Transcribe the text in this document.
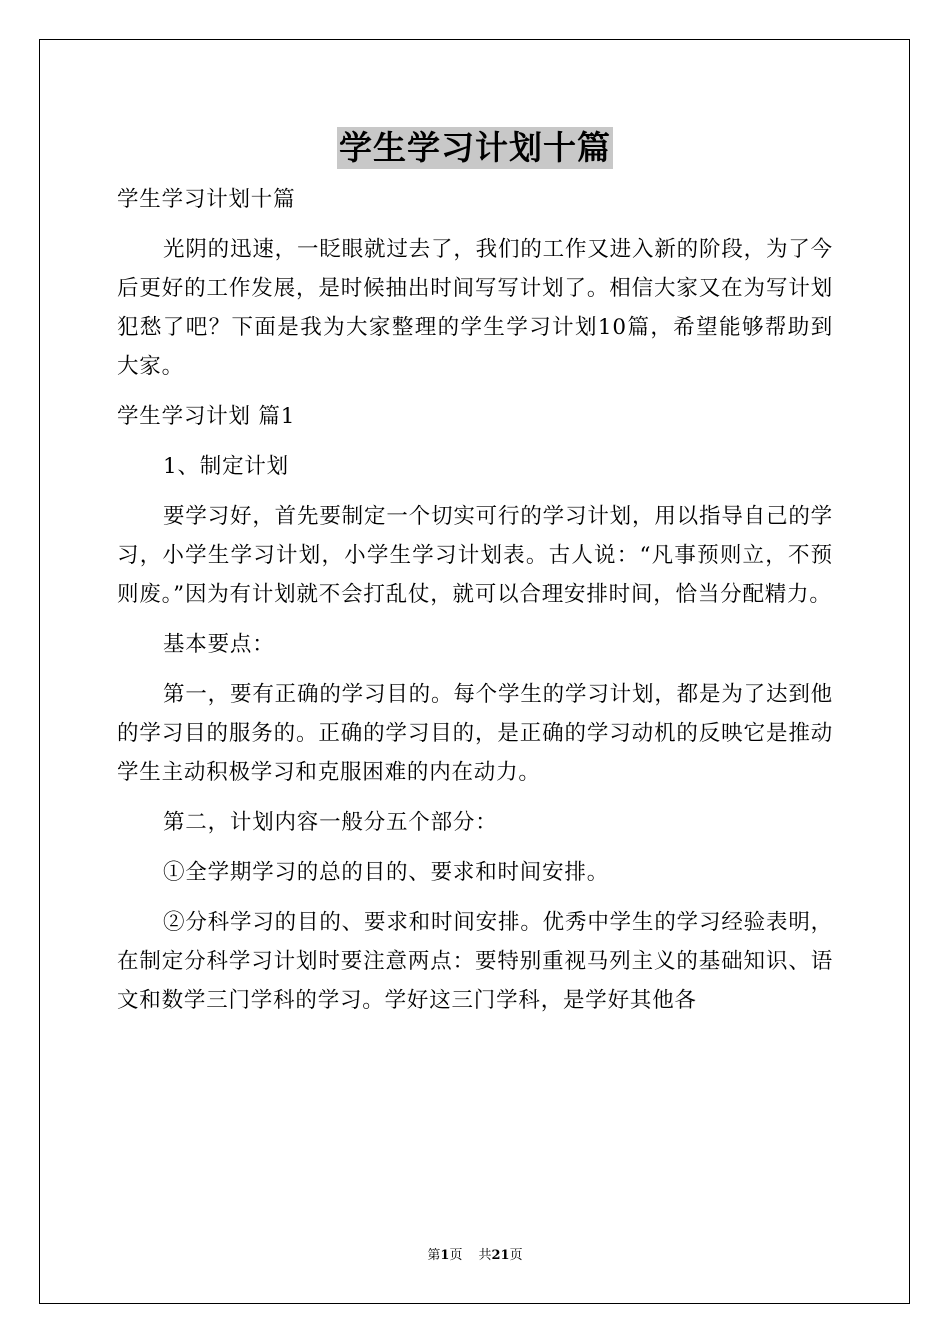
学生学习计划十篇

学生学习计划十篇

光阴的迅速，一眨眼就过去了，我们的工作又进入新的阶段，为了今后更好的工作发展，是时候抽出时间写写计划了。相信大家又在为写计划犯愁了吧？下面是我为大家整理的学生学习计划10篇，希望能够帮助到大家。

学生学习计划 篇1

1、制定计划

要学习好，首先要制定一个切实可行的学习计划，用以指导自己的学习，小学生学习计划，小学生学习计划表。古人说：“凡事预则立，不预则废。”因为有计划就不会打乱仗，就可以合理安排时间，恰当分配精力。

基本要点：

第一，要有正确的学习目的。每个学生的学习计划，都是为了达到他的学习目的服务的。正确的学习目的，是正确的学习动机的反映它是推动学生主动积极学习和克服困难的内在动力。

第二，计划内容一般分五个部分：

①全学期学习的总的目的、要求和时间安排。

②分科学习的目的、要求和时间安排。优秀中学生的学习经验表明，在制定分科学习计划时要注意两点：要特别重视马列主义的基础知识、语文和数学三门学科的学习。学好这三门学科，是学好其他各

第1页 共21页
